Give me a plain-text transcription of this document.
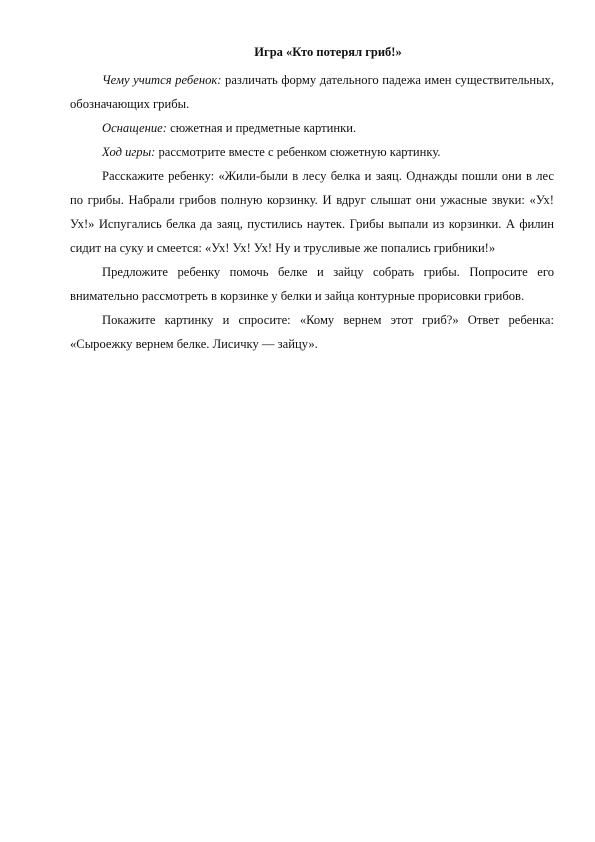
Игра «Кто потерял гриб!»

Чему учится ребенок: различать форму дательного падежа имен существительных, обозначающих грибы.

Оснащение: сюжетная и предметные картинки.

Ход игры: рассмотрите вместе с ребенком сюжетную картинку.

Расскажите ребенку: «Жили-были в лесу белка и заяц. Однажды пошли они в лес по грибы. Набрали грибов полную корзинку. И вдруг слышат они ужасные звуки: «Ух! Ух!» Испугались белка да заяц, пустились наутек. Грибы выпали из корзинки. А филин сидит на суку и смеется: «Ух! Ух! Ух! Ну и трусливые же попались грибники!»

Предложите ребенку помочь белке и зайцу собрать грибы. Попросите его внимательно рассмотреть в корзинке у белки и зайца контурные прорисовки грибов.

Покажите картинку и спросите: «Кому вернем этот гриб?» Ответ ребенка: «Сыроежку вернем белке. Лисичку — зайцу».
